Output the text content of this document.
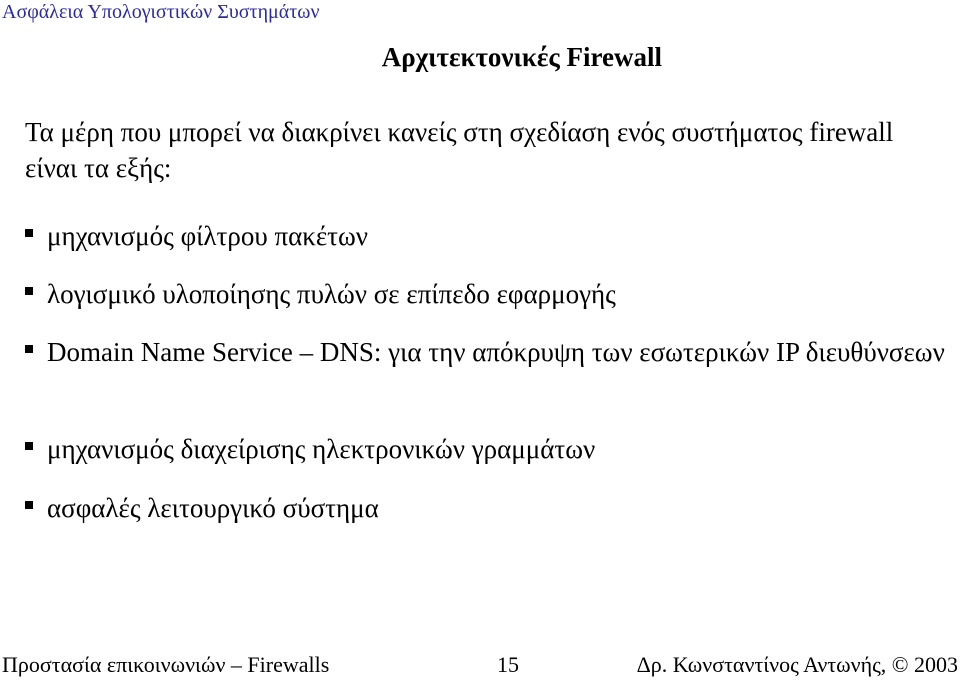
Ασφάλεια Υπολογιστικών Συστημάτων
Αρχιτεκτονικές Firewall
Τα μέρη που μπορεί να διακρίνει κανείς στη σχεδίαση ενός συστήματος firewall είναι τα εξής:
μηχανισμός φίλτρου πακέτων
λογισμικό υλοποίησης πυλών σε επίπεδο εφαρμογής
Domain Name Service – DNS: για την απόκρυψη των εσωτερικών IP διευθύνσεων
μηχανισμός διαχείρισης ηλεκτρονικών γραμμάτων
ασφαλές λειτουργικό σύστημα
Προστασία επικοινωνιών – Firewalls	15	Δρ. Κωνσταντίνος Αντωνής, © 2003
